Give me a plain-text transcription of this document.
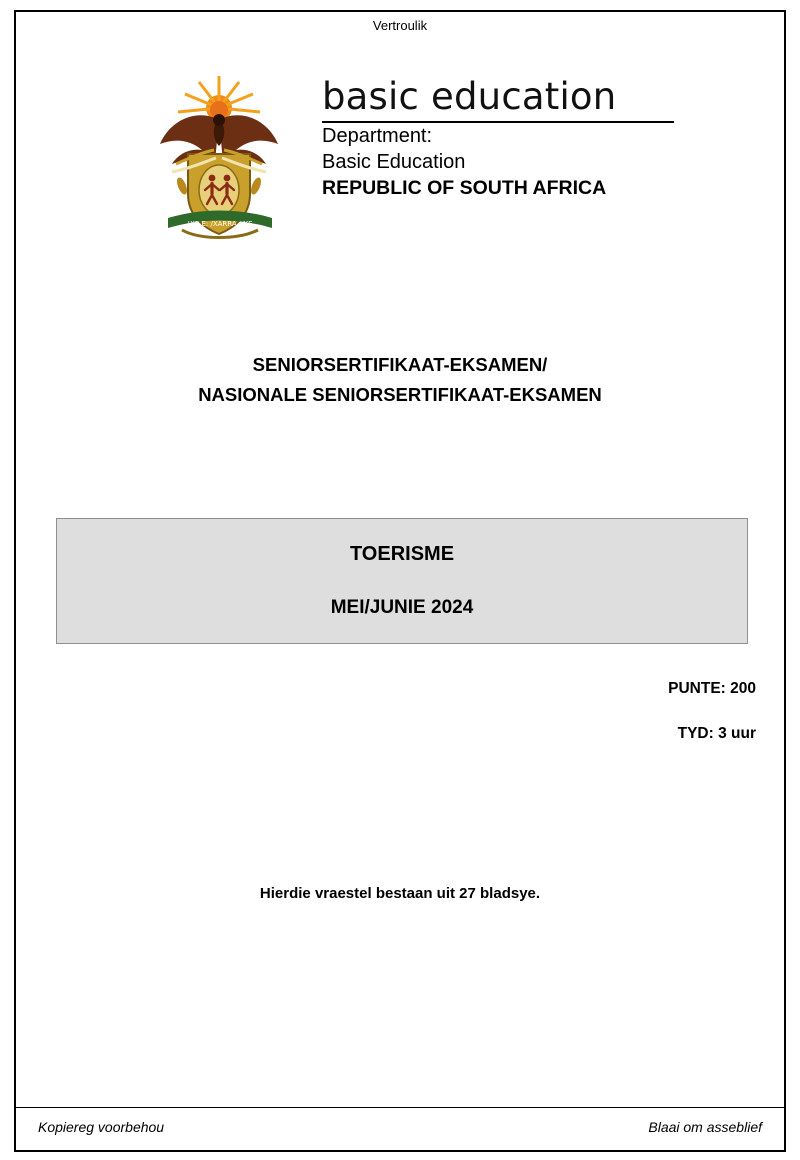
Vertroulik
!KE E: /XARRA //KE
basic education
Department:
Basic Education
REPUBLIC OF SOUTH AFRICA
SENIORSERTIFIKAAT-EKSAMEN/
NASIONALE SENIORSERTIFIKAAT-EKSAMEN
TOERISME
MEI/JUNIE 2024
PUNTE: 200
TYD: 3 uur
Hierdie vraestel bestaan uit 27 bladsye.
Kopiereg voorbehou	Blaai om asseblief
